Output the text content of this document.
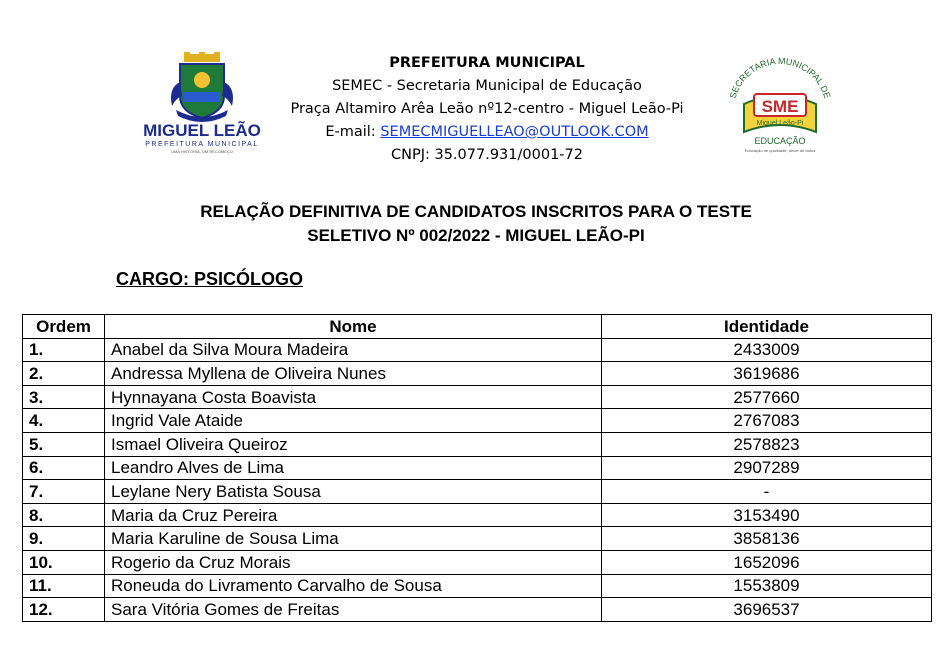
MIGUEL LEÃO
PREFEITURA MUNICIPAL
UMA HISTÓRIA, UM RECOMEÇO
PREFEITURA MUNICIPAL
SEMEC - Secretaria Municipal de Educação
Praça Altamiro Arêa Leão nº12-centro - Miguel Leão-Pi
E-mail: SEMECMIGUELLEAO@OUTLOOK.COM
CNPJ: 35.077.931/0001-72
SECRETARIA MUNICIPAL DE
SME
Miguel Leão-Pi
EDUCAÇÃO
Educação de qualidade, dever de todos
RELAÇÃO DEFINITIVA DE CANDIDATOS INSCRITOS PARA O TESTE
SELETIVO Nº 002/2022 - MIGUEL LEÃO-PI
CARGO: PSICÓLOGO
Ordem	Nome	Identidade
1.	Anabel da Silva Moura Madeira	2433009
2.	Andressa Myllena de Oliveira Nunes	3619686
3.	Hynnayana Costa Boavista	2577660
4.	Ingrid Vale Ataide	2767083
5.	Ismael Oliveira Queiroz	2578823
6.	Leandro Alves de Lima	2907289
7.	Leylane Nery Batista Sousa	-
8.	Maria da Cruz Pereira	3153490
9.	Maria Karuline de Sousa Lima	3858136
10.	Rogerio da Cruz Morais	1652096
11.	Roneuda do Livramento Carvalho de Sousa	1553809
12.	Sara Vitória Gomes de Freitas	3696537
